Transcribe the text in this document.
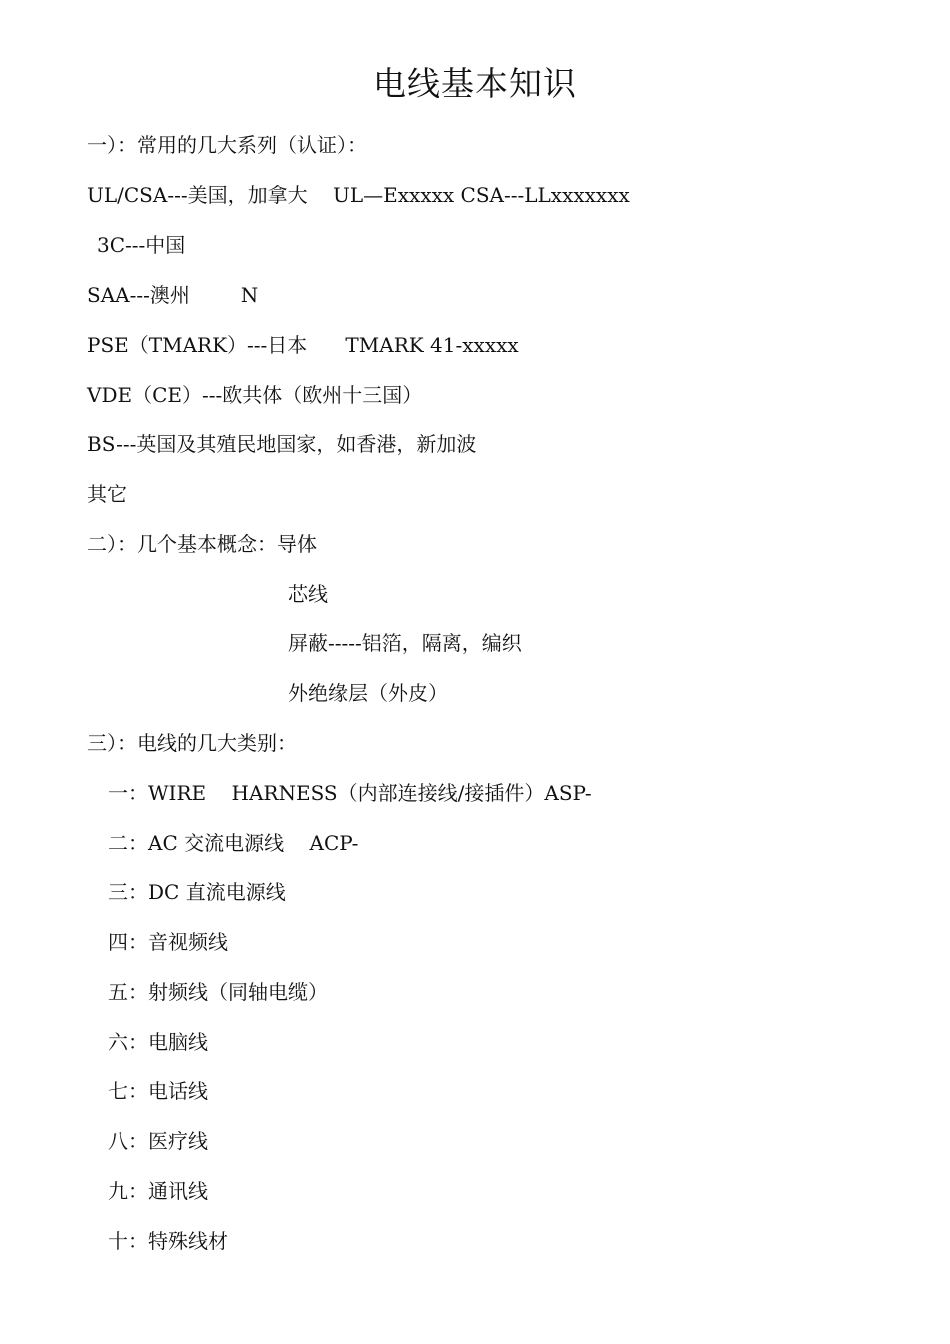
电线基本知识
一）：常用的几大系列（认证）：
UL/CSA---美国，加拿大    UL—Exxxxx CSA---LLxxxxxxx
3C---中国
SAA---澳州        N
PSE（TMARK）---日本      TMARK 41-xxxxx
VDE（CE）---欧共体（欧州十三国）
BS---英国及其殖民地国家，如香港，新加波
其它
二）：几个基本概念：导体
芯线
屏蔽-----铝箔，隔离，编织
外绝缘层（外皮）
三）：电线的几大类别：
一：WIRE    HARNESS（内部连接线/接插件）ASP-
二：AC 交流电源线    ACP-
三：DC 直流电源线
四：音视频线
五：射频线（同轴电缆）
六：电脑线
七：电话线
八：医疗线
九：通讯线
十：特殊线材
